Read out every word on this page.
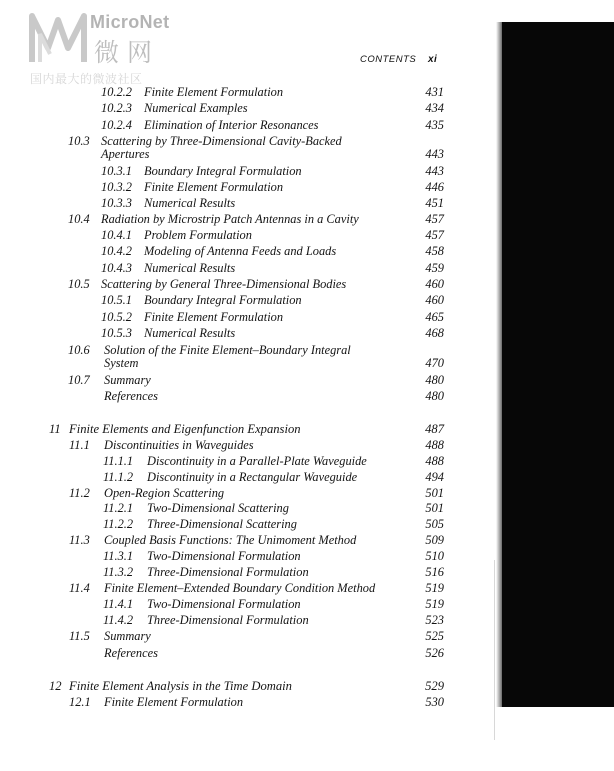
MicroNet
微网
国内最大的微波社区
CONTENTS xi
10.2.2 Finite Element Formulation	431
10.2.3 Numerical Examples	434
10.2.4 Elimination of Interior Resonances	435
10.3 Scattering by Three-Dimensional Cavity-Backed
Apertures	443
10.3.1 Boundary Integral Formulation	443
10.3.2 Finite Element Formulation	446
10.3.3 Numerical Results	451
10.4 Radiation by Microstrip Patch Antennas in a Cavity	457
10.4.1 Problem Formulation	457
10.4.2 Modeling of Antenna Feeds and Loads	458
10.4.3 Numerical Results	459
10.5 Scattering by General Three-Dimensional Bodies	460
10.5.1 Boundary Integral Formulation	460
10.5.2 Finite Element Formulation	465
10.5.3 Numerical Results	468
10.6 Solution of the Finite Element–Boundary Integral
System	470
10.7 Summary	480
References	480
11 Finite Elements and Eigenfunction Expansion	487
11.1 Discontinuities in Waveguides	488
11.1.1 Discontinuity in a Parallel-Plate Waveguide	488
11.1.2 Discontinuity in a Rectangular Waveguide	494
11.2 Open-Region Scattering	501
11.2.1 Two-Dimensional Scattering	501
11.2.2 Three-Dimensional Scattering	505
11.3 Coupled Basis Functions: The Unimoment Method	509
11.3.1 Two-Dimensional Formulation	510
11.3.2 Three-Dimensional Formulation	516
11.4 Finite Element–Extended Boundary Condition Method	519
11.4.1 Two-Dimensional Formulation	519
11.4.2 Three-Dimensional Formulation	523
11.5 Summary	525
References	526
12 Finite Element Analysis in the Time Domain	529
12.1 Finite Element Formulation	530
